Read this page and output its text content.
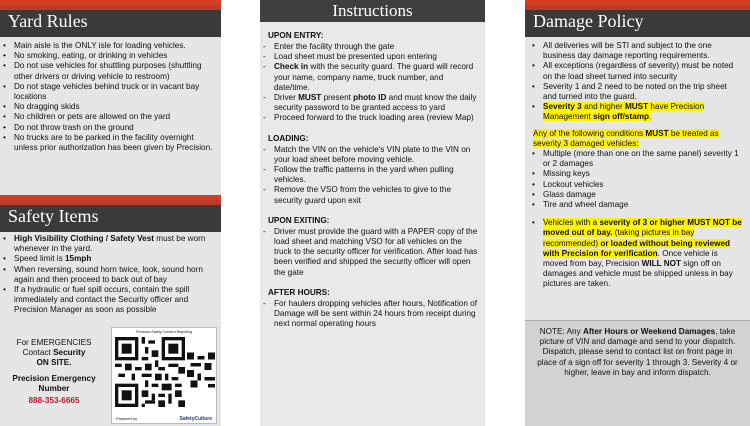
Yard Rules
• Main aisle is the ONLY isle for loading vehicles.
• No smoking, eating, or drinking in vehicles
• Do not use vehicles for shuttling purposes (shuttling other drivers or driving vehicle to restroom)
• Do not stage vehicles behind truck or in vacant bay locations
• No dragging skids
• No children or pets are allowed on the yard
• Do not throw trash on the ground
• No trucks are to be parked in the facility overnight unless prior authorization has been given by Precision.
Safety Items
• High Visibility Clothing / Safety Vest must be worn whenever in the yard.
• Speed limit is 15mph
• When reversing, sound horn twice, look, sound horn again and then proceed to back out of bay
• If a hydraulic or fuel spill occurs, contain the spill immediately and contact the Security officer and Precision Manager as soon as possible
For EMERGENCIES
Contact Security
ON SITE.
Precision Emergency
Number
888-353-6665
Precision Safety Concern Reporting
Powered by	SafetyCulture
Instructions
UPON ENTRY:
- Enter the facility through the gate
- Load sheet must be presented upon entering
- Check in with the security guard. The guard will record your name, company name, truck number, and date/time.
- Driver MUST present photo ID and must know the daily security password to be granted access to yard
- Proceed forward to the truck loading area (review Map)
LOADING:
- Match the VIN on the vehicle's VIN plate to the VIN on your load sheet before moving vehicle.
- Follow the traffic patterns in the yard when pulling vehicles.
- Remove the VSO from the vehicles to give to the security guard upon exit
UPON EXITING:
- Driver must provide the guard with a PAPER copy of the load sheet and matching VSO for all vehicles on the truck to the security officer for verification. After load has been verified and shipped the security officer will open the gate
AFTER HOURS:
- For haulers dropping vehicles after hours, Notification of Damage will be sent within 24 hours from receipt during next normal operating hours
Damage Policy
• All deliveries will be STI and subject to the one business day damage reporting requirements.
• All exceptions (regardless of severity) must be noted on the load sheet turned into security
• Severity 1 and 2 need to be noted on the trip sheet and turned into the guard.
• Severity 3 and higher MUST have Precision Management sign off/stamp.
Any of the following conditions MUST be treated as severity 3 damaged vehicles:
• Multiple (more than one on the same panel) severity 1 or 2 damages
• Missing keys
• Lockout vehicles
• Glass damage
• Tire and wheel damage
• Vehicles with a severity of 3 or higher MUST NOT be moved out of bay. (taking pictures in bay recommended) or loaded without being reviewed with Precision for verification. Once vehicle is moved from bay, Precision WILL NOT sign off on damages and vehicle must be shipped unless in bay pictures are taken.
NOTE: Any After Hours or Weekend Damages, take picture of VIN and damage and send to your dispatch. Dispatch, please send to contact list on front page in place of a sign off for severity 1 through 3. Severity 4 or higher, leave in bay and inform dispatch.
